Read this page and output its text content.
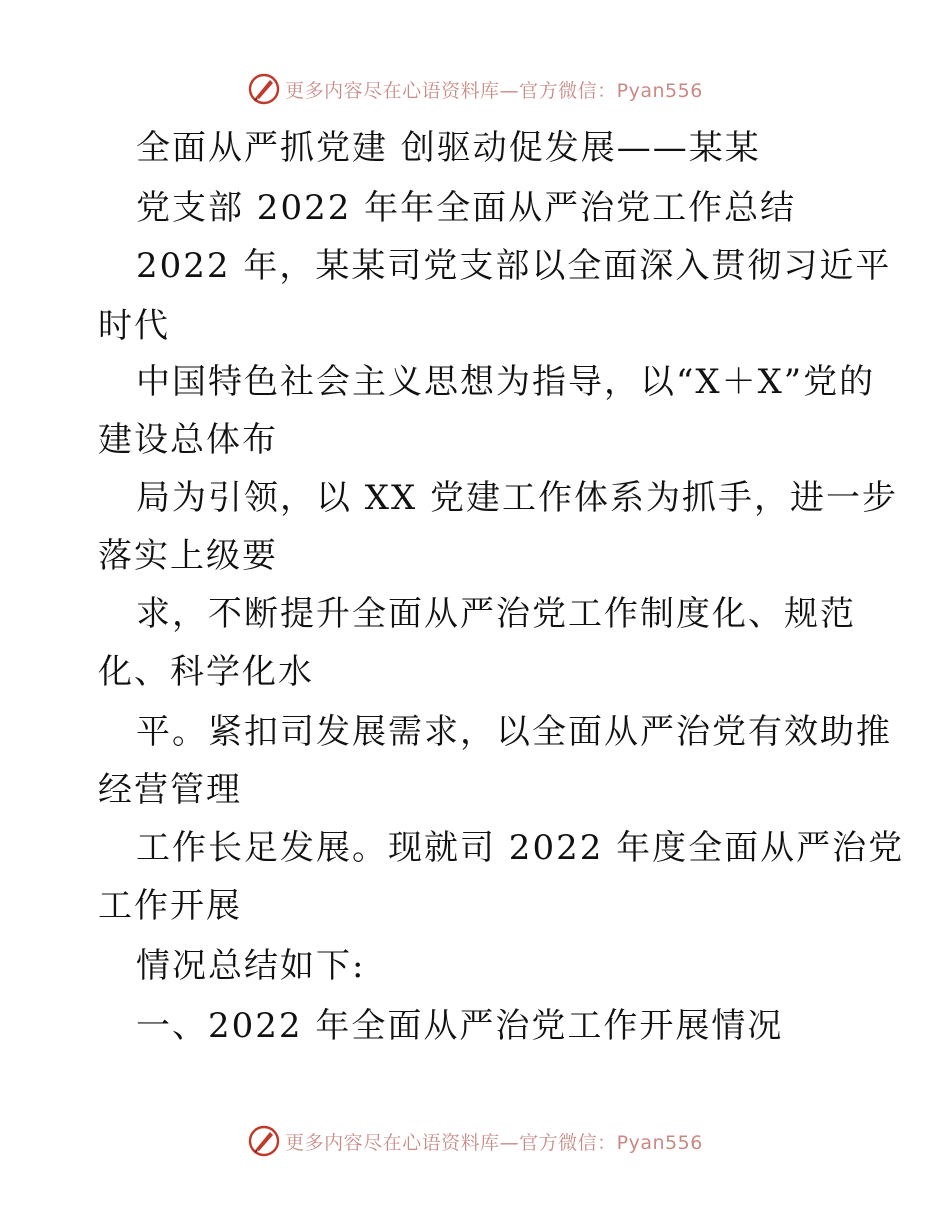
更多内容尽在心语资料库—官方微信：Pyan556
全面从严抓党建 创驱动促发展——某某
党支部 2022 年年全面从严治党工作总结
2022 年，某某司党支部以全面深入贯彻习近平
时代
中国特色社会主义思想为指导，以“X＋X”党的
建设总体布
局为引领，以 XX 党建工作体系为抓手，进一步
落实上级要
求，不断提升全面从严治党工作制度化、规范
化、科学化水
平。紧扣司发展需求，以全面从严治党有效助推
经营管理
工作长足发展。现就司 2022 年度全面从严治党
工作开展
情况总结如下:
一、2022 年全面从严治党工作开展情况
更多内容尽在心语资料库—官方微信：Pyan556
